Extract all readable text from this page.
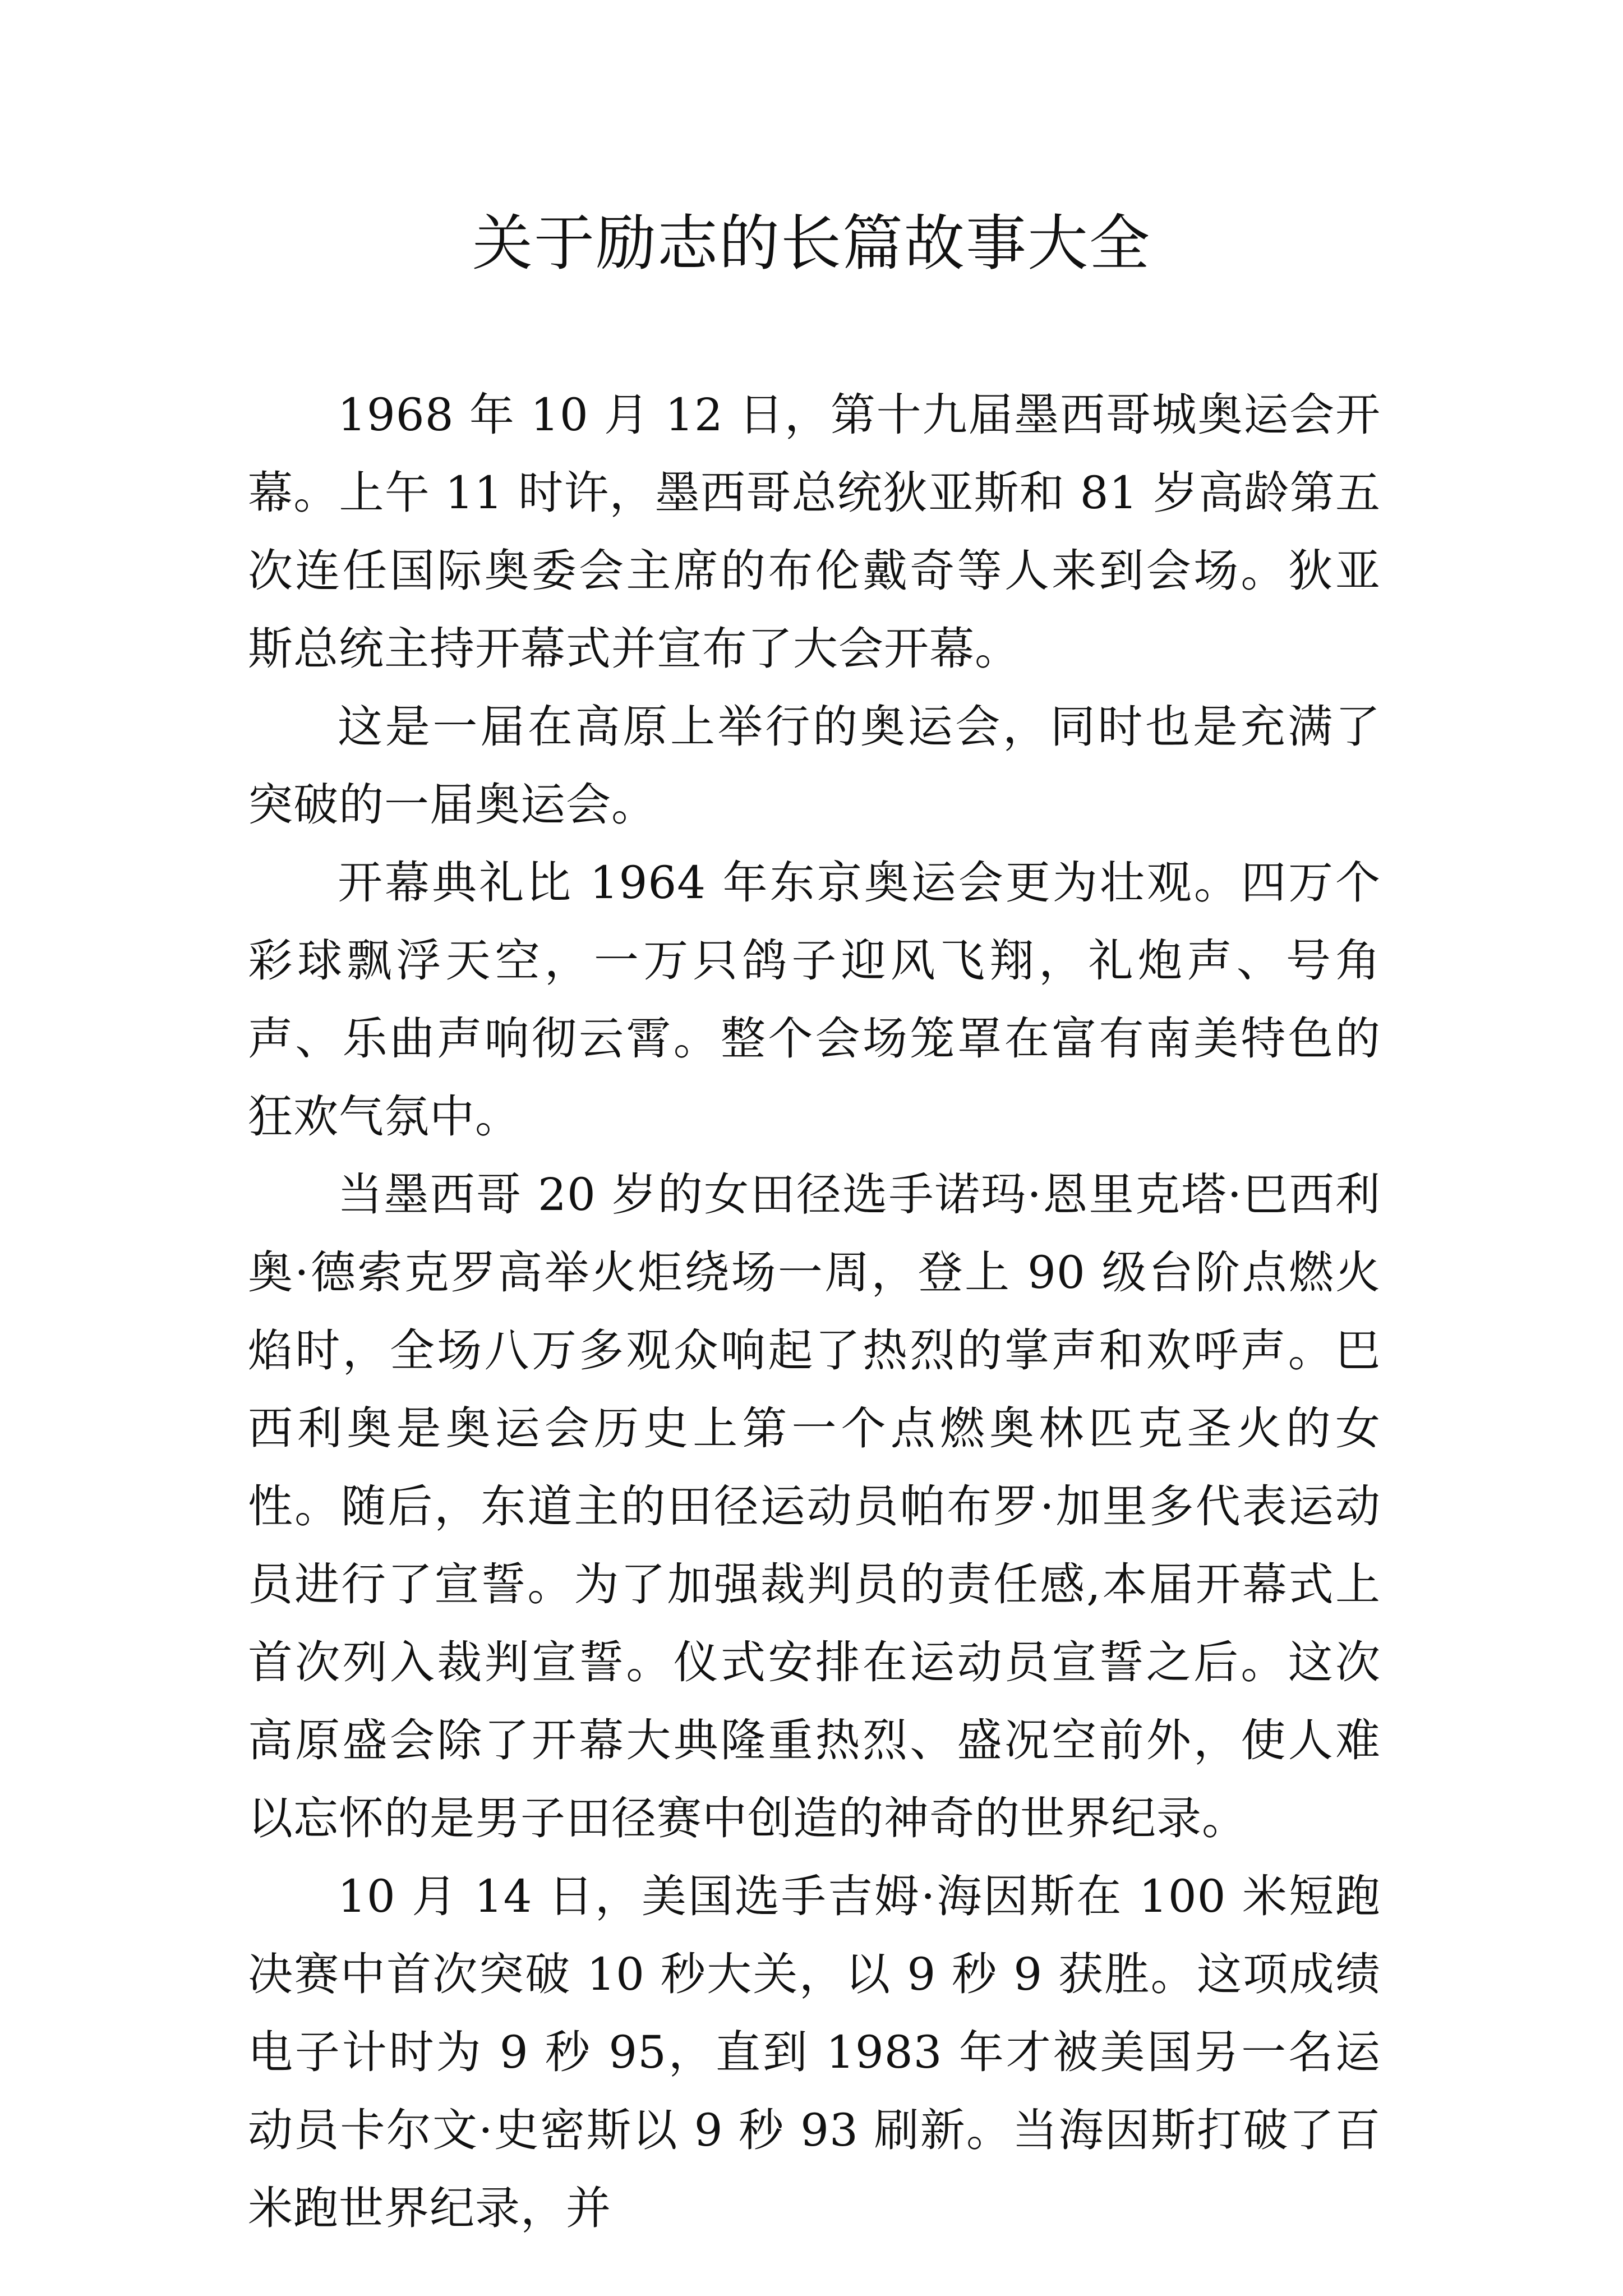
关于励志的长篇故事大全

1968 年 10 月 12 日，第十九届墨西哥城奥运会开幕。上午 11 时许，墨西哥总统狄亚斯和 81 岁高龄第五次连任国际奥委会主席的布伦戴奇等人来到会场。狄亚斯总统主持开幕式并宣布了大会开幕。

这是一届在高原上举行的奥运会，同时也是充满了突破的一届奥运会。

开幕典礼比 1964 年东京奥运会更为壮观。四万个彩球飘浮天空，一万只鸽子迎风飞翔，礼炮声、号角声、乐曲声响彻云霄。整个会场笼罩在富有南美特色的狂欢气氛中。

当墨西哥 20 岁的女田径选手诺玛·恩里克塔·巴西利奥·德索克罗高举火炬绕场一周，登上 90 级台阶点燃火焰时，全场八万多观众响起了热烈的掌声和欢呼声。巴西利奥是奥运会历史上第一个点燃奥林匹克圣火的女性。随后，东道主的田径运动员帕布罗·加里多代表运动员进行了宣誓。为了加强裁判员的责任感,本届开幕式上首次列入裁判宣誓。仪式安排在运动员宣誓之后。这次高原盛会除了开幕大典隆重热烈、盛况空前外，使人难以忘怀的是男子田径赛中创造的神奇的世界纪录。

10 月 14 日，美国选手吉姆·海因斯在 100 米短跑决赛中首次突破 10 秒大关，以 9 秒 9 获胜。这项成绩电子计时为 9 秒 95，直到 1983 年才被美国另一名运动员卡尔文·史密斯以 9 秒 93 刷新。当海因斯打破了百米跑世界纪录，并
